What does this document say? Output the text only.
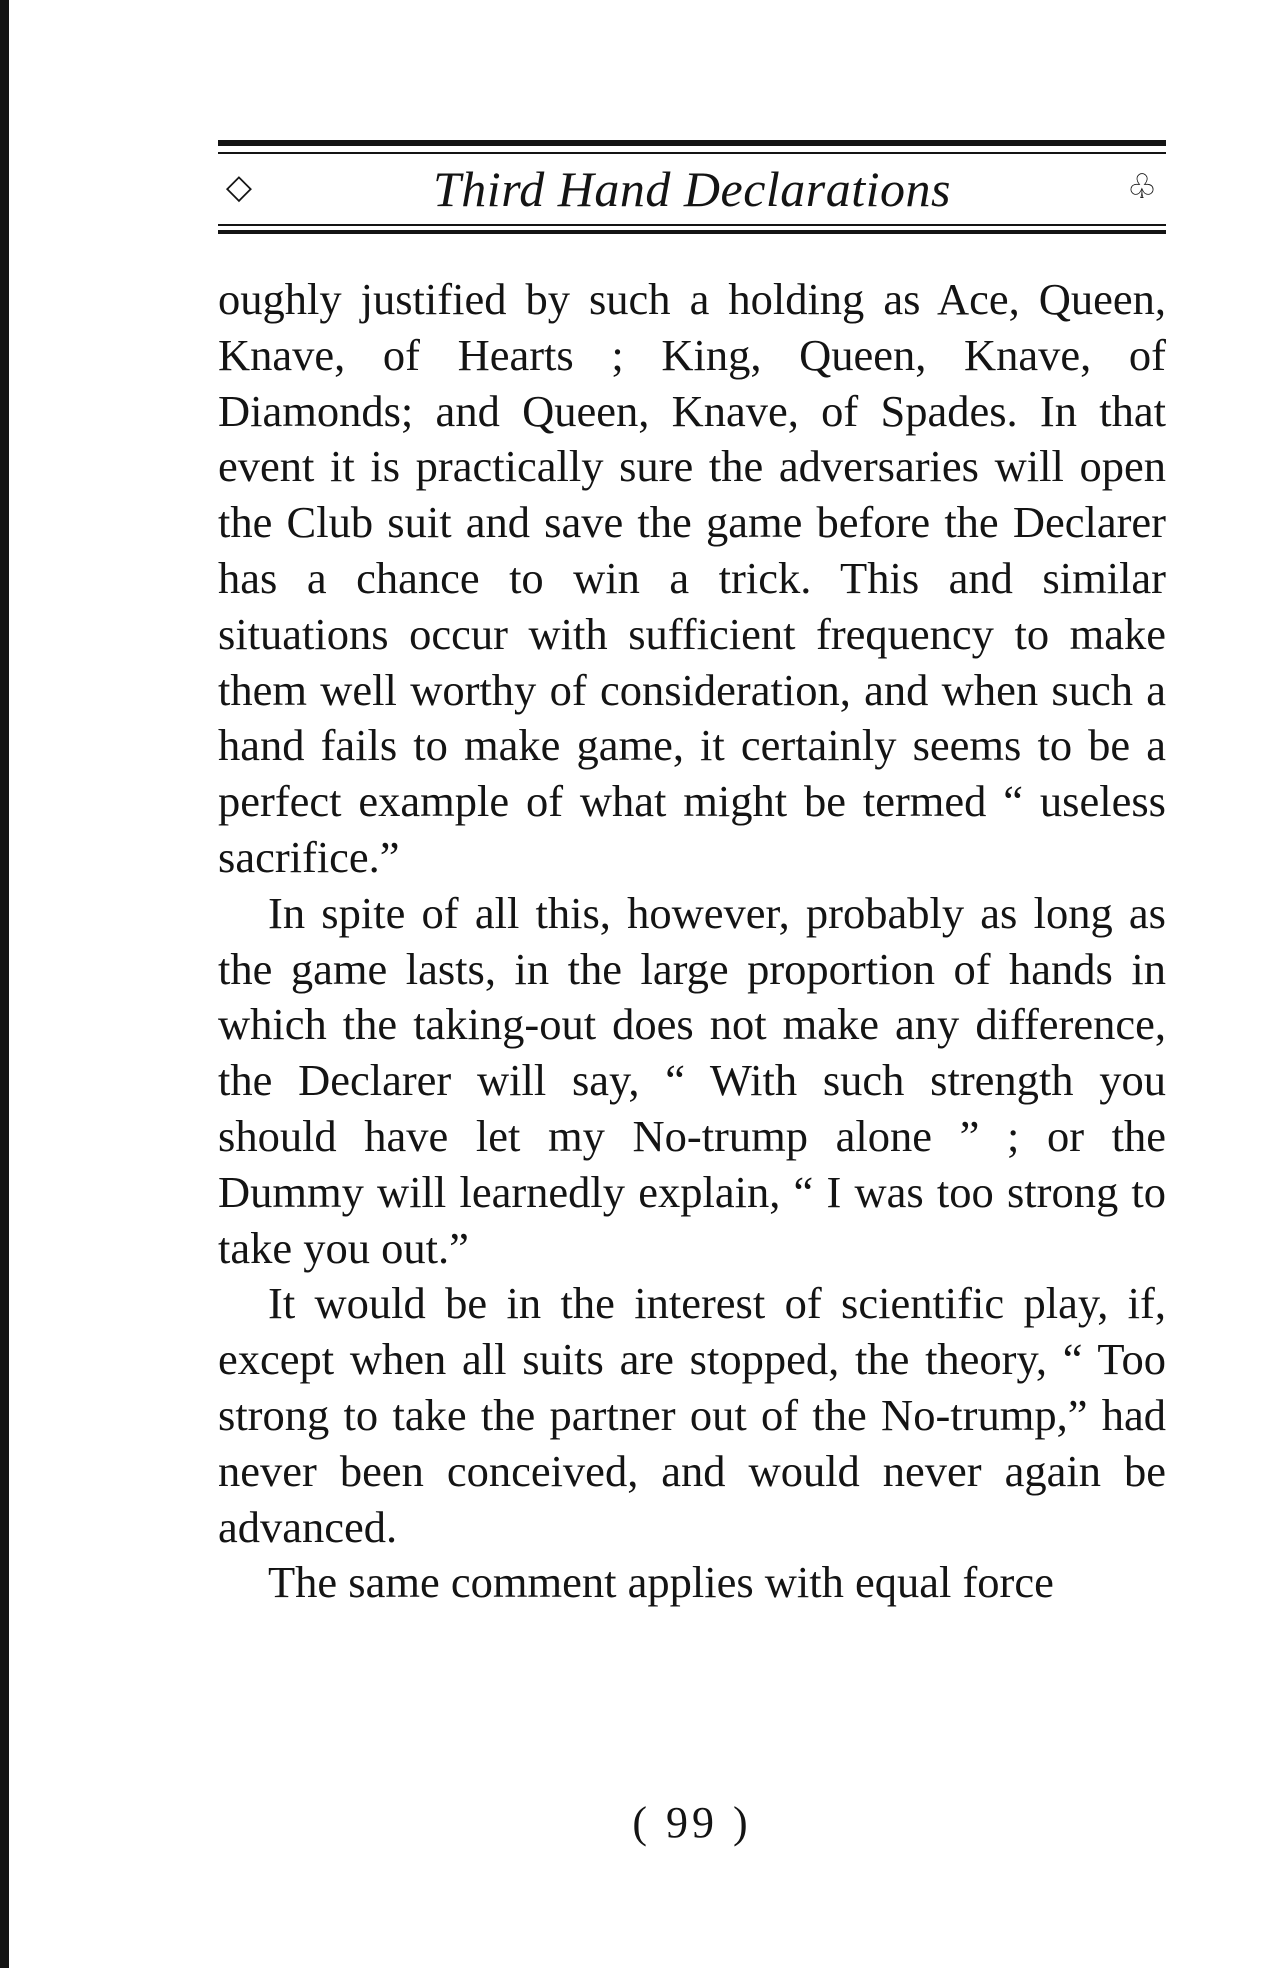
◇	Third Hand Declarations	♧

oughly justified by such a holding as Ace, Queen, Knave, of Hearts ; King, Queen, Knave, of Diamonds; and Queen, Knave, of Spades. In that event it is practically sure the adversaries will open the Club suit and save the game before the Declarer has a chance to win a trick. This and similar situations occur with sufficient frequency to make them well worthy of consideration, and when such a hand fails to make game, it certainly seems to be a perfect example of what might be termed “ useless sacrifice.”

In spite of all this, however, probably as long as the game lasts, in the large proportion of hands in which the taking-out does not make any difference, the Declarer will say, “ With such strength you should have let my No-trump alone ” ; or the Dummy will learnedly explain, “ I was too strong to take you out.”

It would be in the interest of scientific play, if, except when all suits are stopped, the theory, “ Too strong to take the partner out of the No-trump,” had never been conceived, and would never again be advanced.

The same comment applies with equal force

( 99 )
